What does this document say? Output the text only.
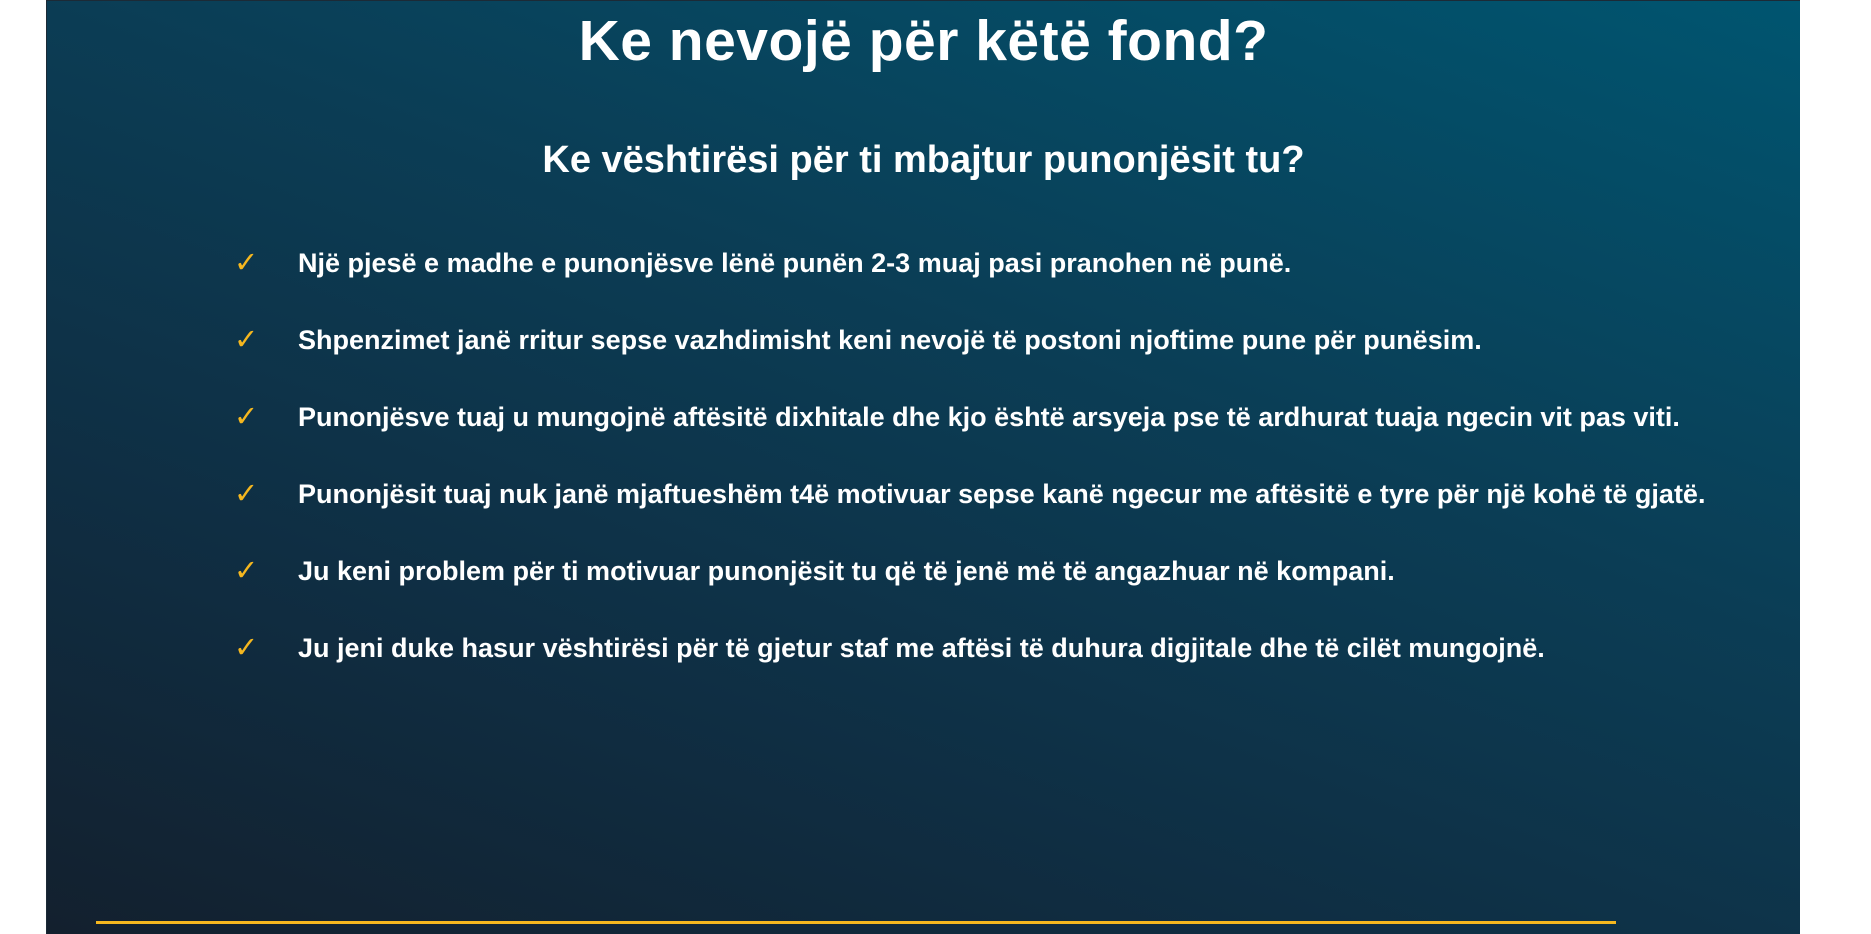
Ke nevojë për këtë fond?
Ke vështirësi për ti mbajtur punonjësit tu?
✓ Një pjesë e madhe e punonjësve lënë punën 2-3 muaj pasi pranohen në punë.
✓ Shpenzimet janë rritur sepse vazhdimisht keni nevojë të postoni njoftime pune për punësim.
✓ Punonjësve tuaj u mungojnë aftësitë dixhitale dhe kjo është arsyeja pse të ardhurat tuaja ngecin vit pas viti.
✓ Punonjësit tuaj nuk janë mjaftueshëm t4ë motivuar sepse kanë ngecur me aftësitë e tyre për një kohë të gjatë.
✓ Ju keni problem për ti motivuar punonjësit tu që të jenë më të angazhuar në kompani.
✓ Ju jeni duke hasur vështirësi për të gjetur staf me aftësi të duhura digjitale dhe të cilët mungojnë.
